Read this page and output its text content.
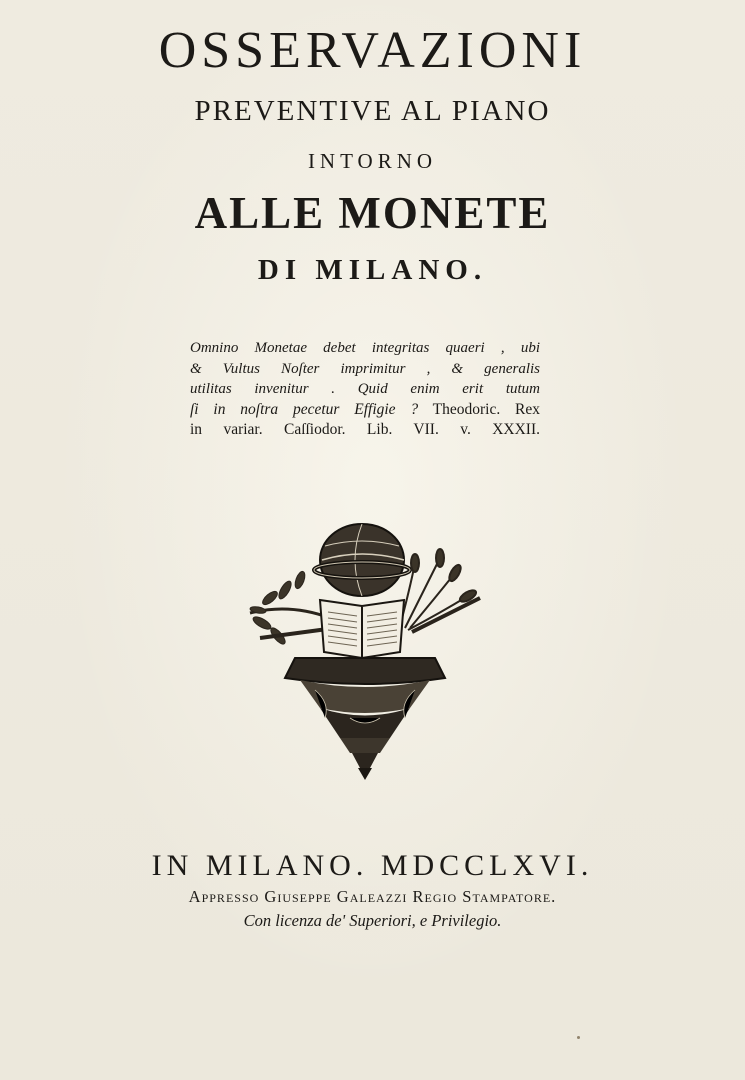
OSSERVAZIONI
PREVENTIVE AL PIANO
INTORNO
ALLE MONETE
DI MILANO.
Omnino Monetae debet integritas quaeri , ubi
& Vultus Noſter imprimitur , & generalis
utilitas invenitur . Quid enim erit tutum
ſi in noſtra pecetur Effigie ? Theodoric. Rex
in variar. Caſſiodor. Lib. VII. v. XXXII.
IN MILANO. MDCCLXVI.
Appresso Giuseppe Galeazzi Regio Stampatore.
Con licenza de' Superiori, e Privilegio.
